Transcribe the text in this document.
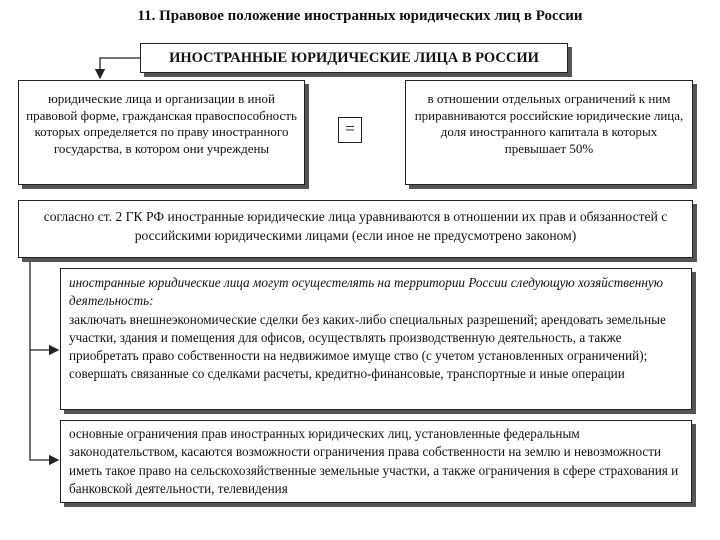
11. Правовое положение иностранных юридических лиц в России
ИНОСТРАННЫЕ ЮРИДИЧЕСКИЕ ЛИЦА В РОССИИ
юридические лица и организации в иной правовой форме, гражданская правоспособность которых определяется по праву иностранного государства, в котором они учреждены
=
в отношении отдельных ограничений к ним приравниваются российские юридические лица, доля иностранного капитала в которых превышает 50%
согласно ст. 2 ГК РФ иностранные юридические лица уравниваются в отношении их прав и обязанностей с российскими юридическими лицами (если иное не предусмотрено законом)
иностранные юридические лица могут осущестелять на территории России следующую хозяйственную деятельность:
заключать внешнеэкономические сделки без каких-либо специальных разрешений; арендовать земельные участки, здания и помещения для офисов, осуществлять производственную деятельность, а также приобретать право собственности на недвижимое имуще ство (с учетом установленных ограничений); совершать связанные со сделками расчеты, кредитно-финансовые, транспортные и иные операции
основные ограничения прав иностранных юридических лиц, установленные федеральным законодательством, касаются возможности ограничения права собственности на землю и невозможности иметь такое право на сельскохозяйственные земельные участки, а также ограничения в сфере страхования и банковской деятельности, телевидения
